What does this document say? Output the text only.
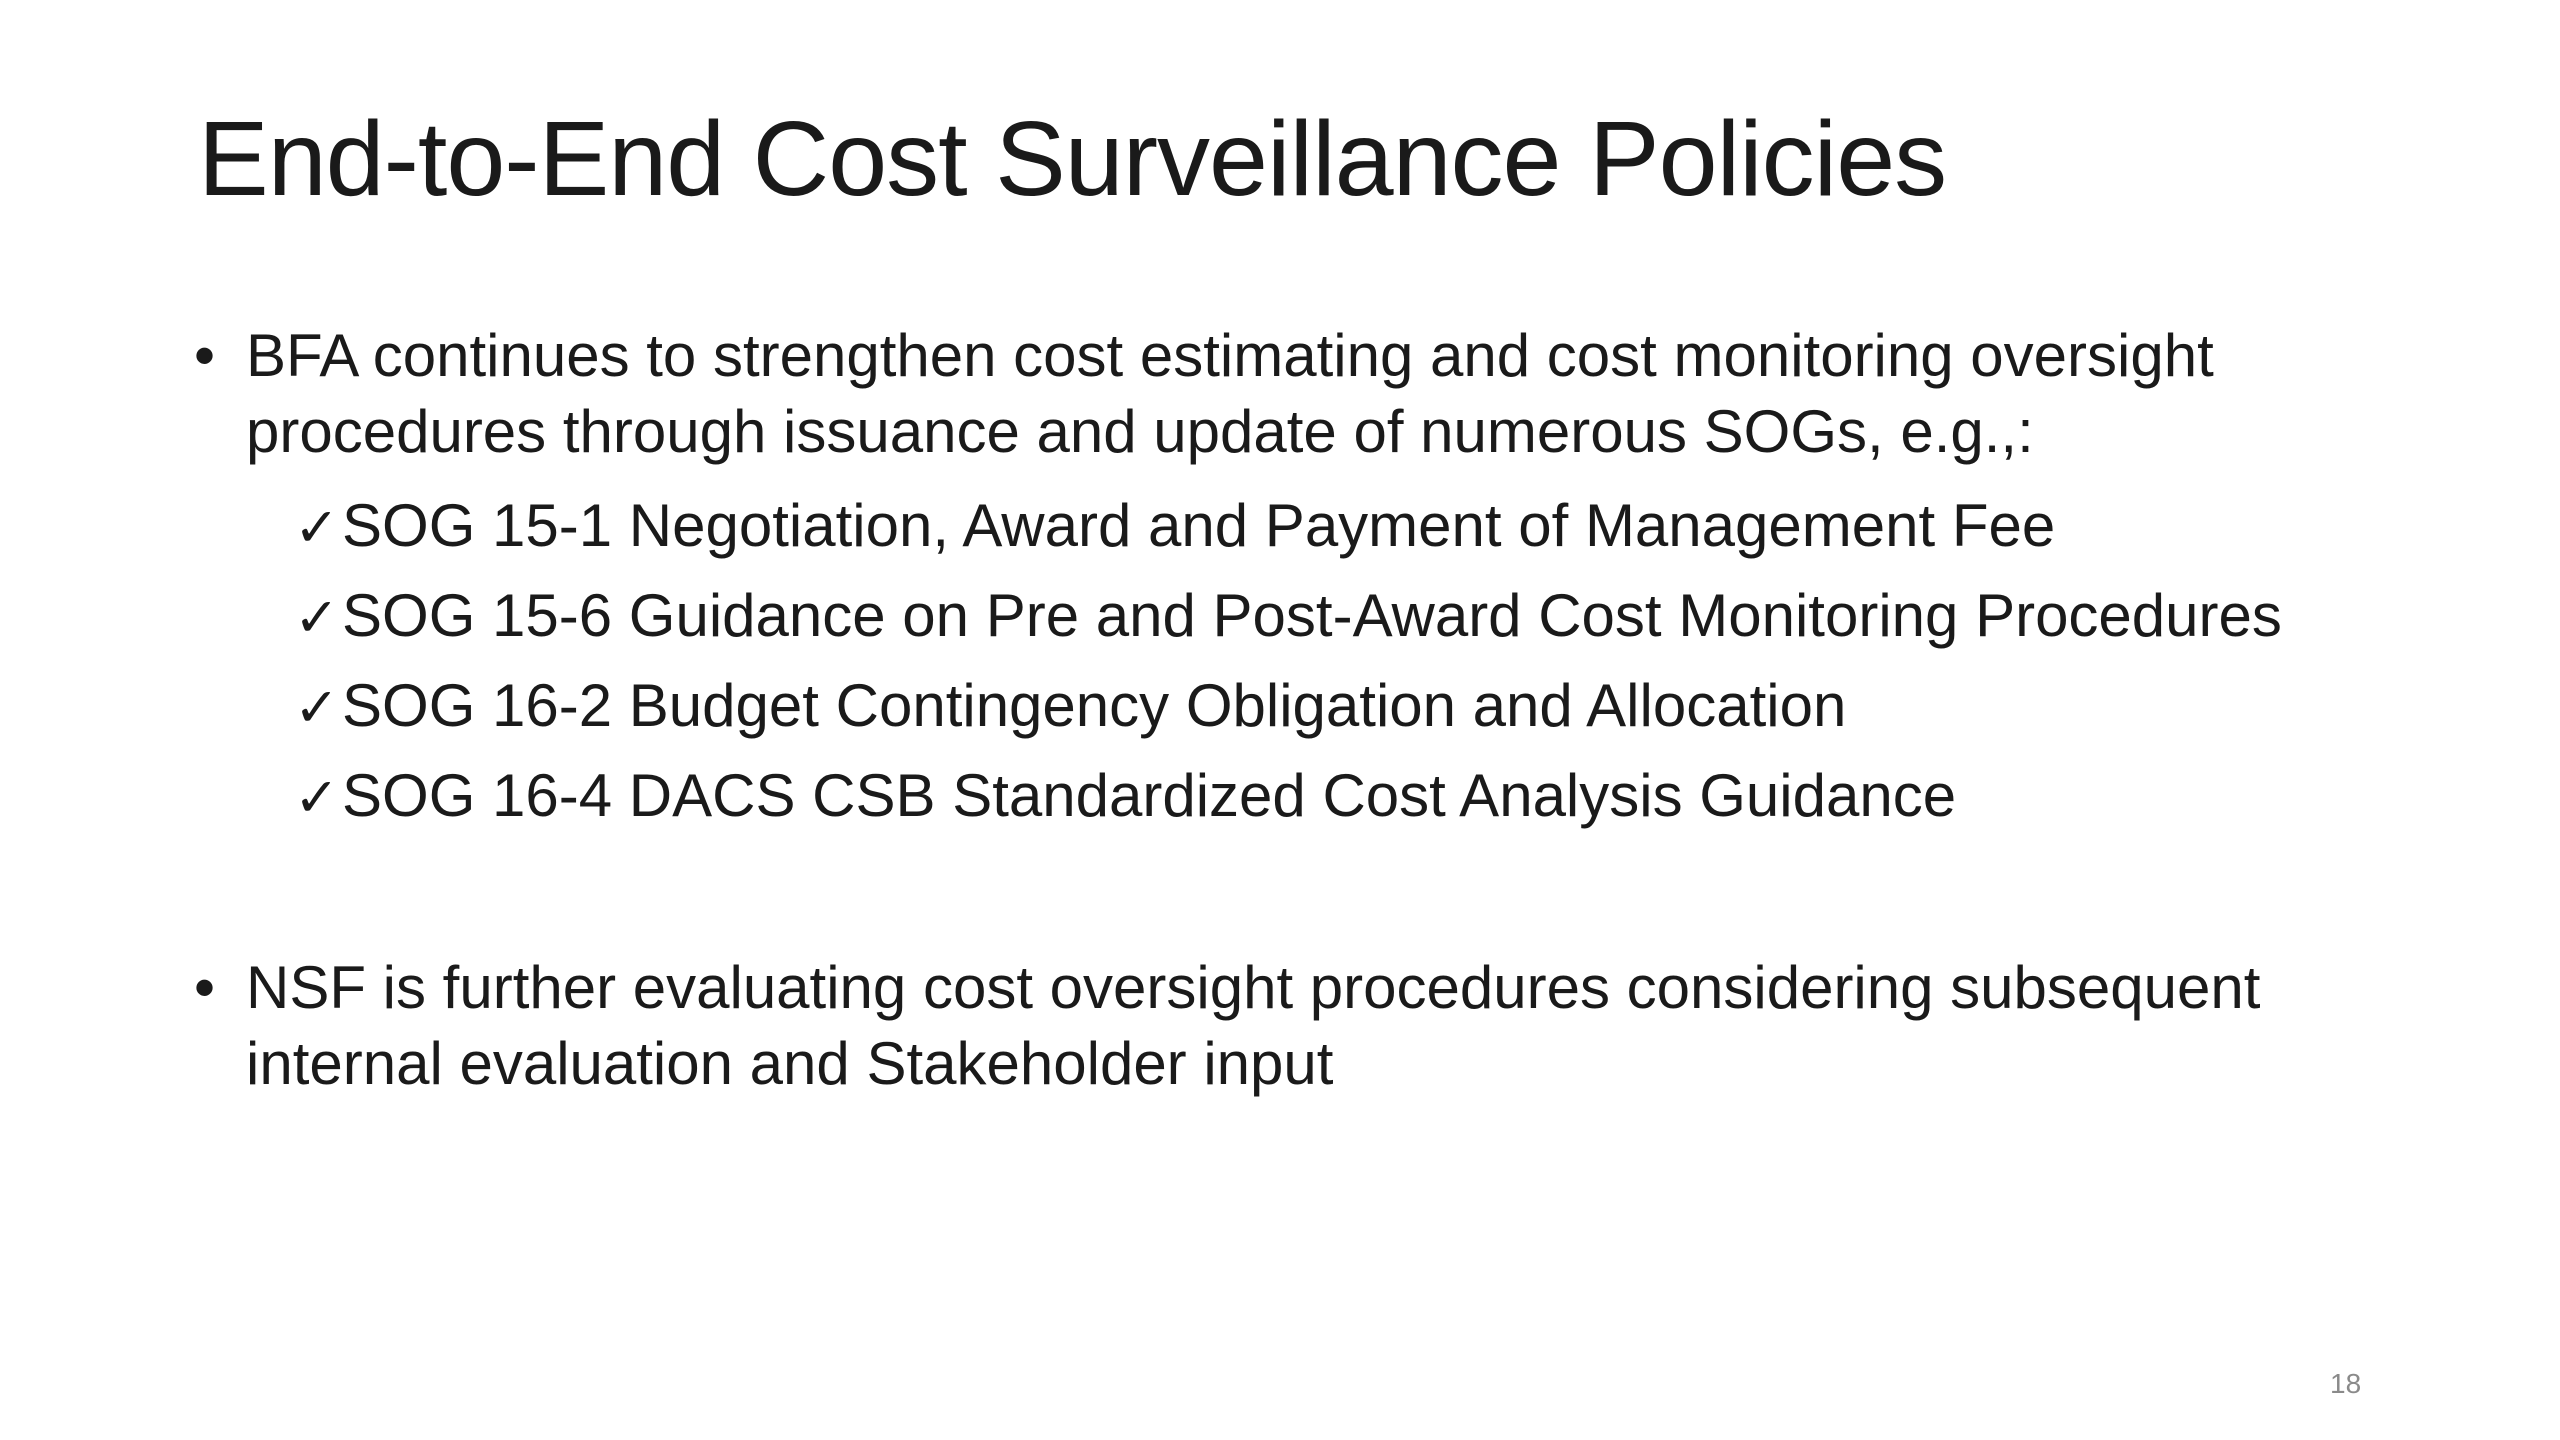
End-to-End Cost Surveillance Policies
• BFA continues to strengthen cost estimating and cost monitoring oversight procedures through issuance and update of numerous SOGs, e.g.,:
✓ SOG 15-1 Negotiation, Award and Payment of Management Fee
✓ SOG 15-6 Guidance on Pre and Post-Award Cost Monitoring Procedures
✓ SOG 16-2 Budget Contingency Obligation and Allocation
✓ SOG 16-4 DACS CSB Standardized Cost Analysis Guidance
• NSF is further evaluating cost oversight procedures considering subsequent internal evaluation and Stakeholder input
18
